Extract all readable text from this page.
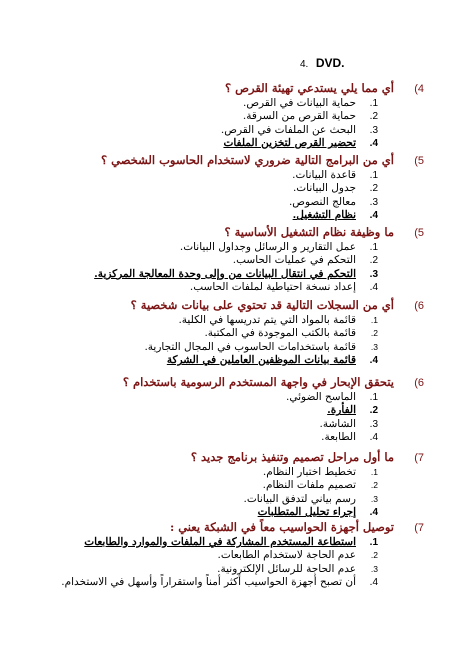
4. DVD.
(4
أي مما يلي يستدعي تهيئة القرص ؟
1.
حماية البيانات في القرص.
2.
حماية القرص من السرقة.
3.
البحث عن الملفات في القرص.
4.
تحضير القرص لتخزين الملفات
(5
أي من البرامج التالية ضروري لاستخدام الحاسوب الشخصي ؟
1.
قاعدة البيانات.
2.
جدول البيانات.
3.
معالج النصوص.
4.
نظام التشغيل.
(5
ما وظيفة نظام التشغيل الأساسية ؟
1.
عمل التقارير و الرسائل وجداول البيانات.
2.
التحكم في عمليات الحاسب.
3.
التحكم في انتقال البيانات من وإلى وحدة المعالجة المركزية.
4.
إعداد نسخة احتياطية لملفات الحاسب.
(6
أي من السجلات التالية قد تحتوي على بيانات شخصية ؟
1.
قائمة بالمواد التي يتم تدريسها في الكلية.
2.
قائمة بالكتب الموجودة في المكتبة.
3.
قائمة باستخدامات الحاسوب في المجال التجارية.
4.
قائمة بيانات الموظفين العاملين في الشركة
(6
يتحقق الإبحار في واجهة المستخدم الرسومية باستخدام ؟
1.
الماسح الضوئي.
2.
الفأرة.
3.
الشاشة.
4.
الطابعة.
(7
ما أول مراحل تصميم وتنفيذ برنامج جديد ؟
1.
تخطيط اختبار النظام.
2.
تصميم ملفات النظام.
3.
رسم بياني لتدفق البيانات.
4.
إجراء تحليل المتطلبات
(7
توصيل أجهزة الحواسيب معاً في الشبكة يعني :
1.
استطاعة المستخدم المشاركة في الملفات والموارد والطابعات
2.
عدم الحاجة لاستخدام الطابعات.
3.
عدم الحاجة للرسائل الإلكترونية.
4.
أن تصبح أجهزة الحواسيب أكثر أمناً واستقراراً وأسهل في الاستخدام.
